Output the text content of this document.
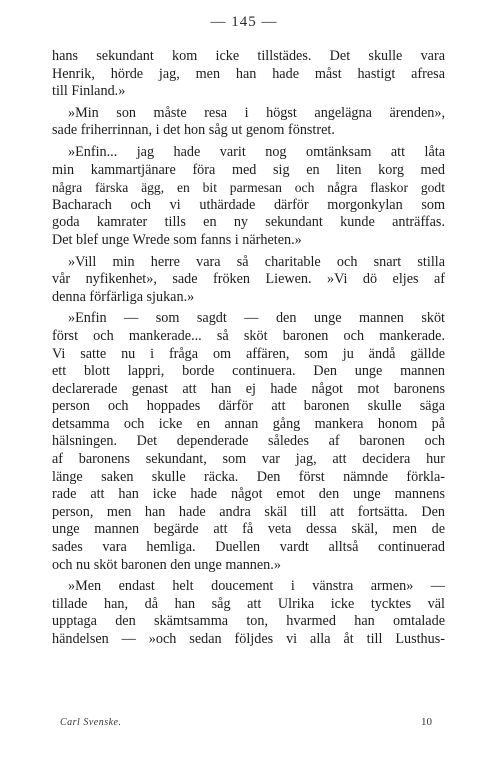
— 145 —
hans sekundant kom icke tillstädes. Det skulle vara
Henrik, hörde jag, men han hade måst hastigt afresa
till Finland.»
»Min son måste resa i högst angelägna ärenden»,
sade friherrinnan, i det hon såg ut genom fönstret.
»Enfin... jag hade varit nog omtänksam att låta
min kammartjänare föra med sig en liten korg med
några färska ägg, en bit parmesan och några flaskor godt
Bacharach och vi uthärdade därför morgonkylan som
goda kamrater tills en ny sekundant kunde anträffas.
Det blef unge Wrede som fanns i närheten.»
»Vill min herre vara så charitable och snart stilla
vår nyfikenhet», sade fröken Liewen. »Vi dö eljes af
denna förfärliga sjukan.»
»Enfin — som sagdt — den unge mannen sköt
först och mankerade... så sköt baronen och mankerade.
Vi satte nu i fråga om affären, som ju ändå gällde
ett blott lappri, borde continuera. Den unge mannen
declarerade genast att han ej hade något mot baronens
person och hoppades därför att baronen skulle säga
detsamma och icke en annan gång mankera honom på
hälsningen. Det dependerade således af baronen och
af baronens sekundant, som var jag, att decidera hur
länge saken skulle räcka. Den först nämnde förkla-
rade att han icke hade något emot den unge mannens
person, men han hade andra skäl till att fortsätta. Den
unge mannen begärde att få veta dessa skäl, men de
sades vara hemliga. Duellen vardt alltså continuerad
och nu sköt baronen den unge mannen.»
»Men endast helt doucement i vänstra armen» —
tillade han, då han såg att Ulrika icke tycktes väl
upptaga den skämtsamma ton, hvarmed han omtalade
händelsen — »och sedan följdes vi alla åt till Lusthus-
Carl Svenske.	10
